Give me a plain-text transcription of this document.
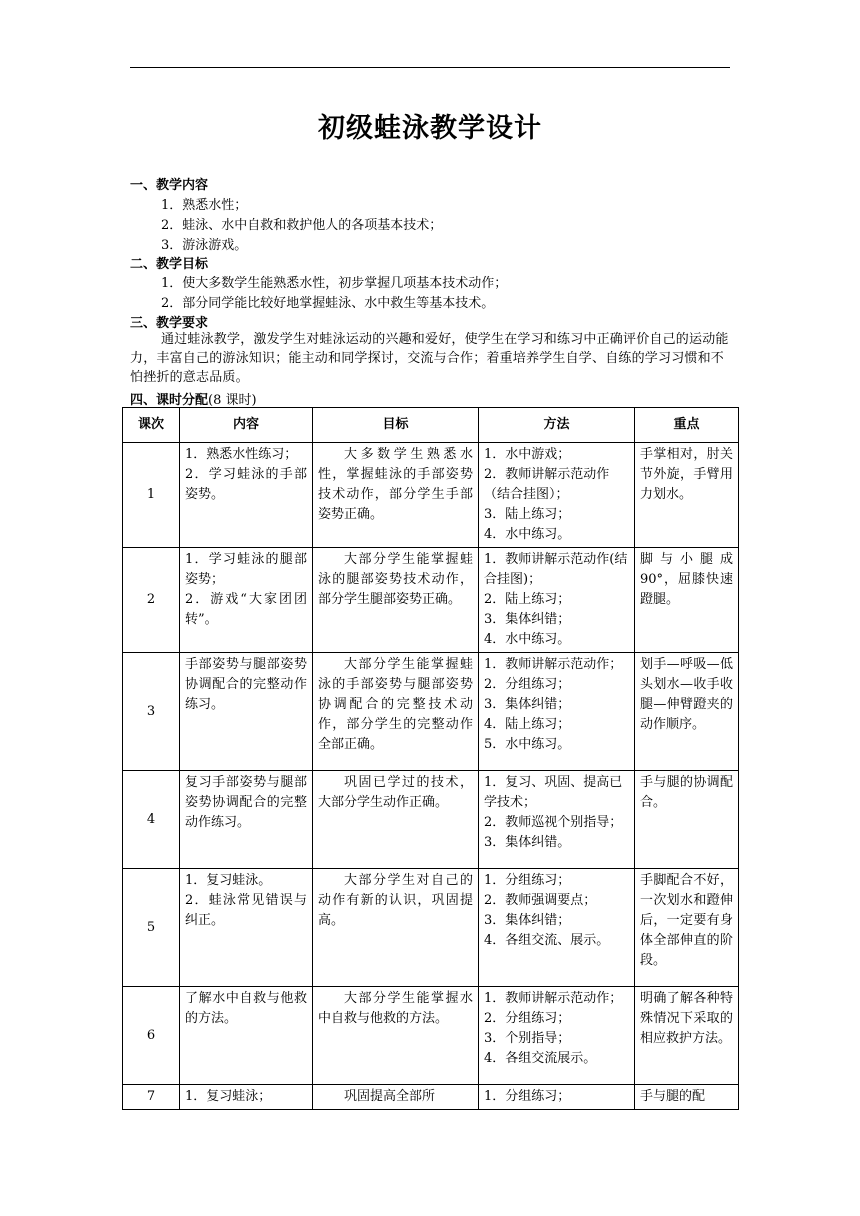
初级蛙泳教学设计
一、教学内容
1．熟悉水性；
2．蛙泳、水中自救和救护他人的各项基本技术；
3．游泳游戏。
二、教学目标
1．使大多数学生能熟悉水性，初步掌握几项基本技术动作；
2．部分同学能比较好地掌握蛙泳、水中救生等基本技术。
三、教学要求
通过蛙泳教学，激发学生对蛙泳运动的兴趣和爱好，使学生在学习和练习中正确评价自己的运动能力，丰富自己的游泳知识；能主动和同学探讨，交流与合作；着重培养学生自学、自练的学习习惯和不怕挫折的意志品质。
四、课时分配(8 课时)
课次	内容	目标	方法	重点
1	1．熟悉水性练习；
2．学习蛙泳的手部姿势。	大多数学生熟悉水性，掌握蛙泳的手部姿势技术动作，部分学生手部姿势正确。	1．水中游戏；
2．教师讲解示范动作（结合挂图）；
3．陆上练习；
4．水中练习。	手掌相对，肘关节外旋，手臂用力划水。
2	1．学习蛙泳的腿部姿势；
2．游戏“大家团团转”。	大部分学生能掌握蛙泳的腿部姿势技术动作，部分学生腿部姿势正确。	1．教师讲解示范动作(结合挂图)；
2．陆上练习；
3．集体纠错；
4．水中练习。	脚与小腿成 90°，屈膝快速蹬腿。
3	手部姿势与腿部姿势协调配合的完整动作练习。	大部分学生能掌握蛙泳的手部姿势与腿部姿势协调配合的完整技术动作，部分学生的完整动作全部正确。	1．教师讲解示范动作；
2．分组练习；
3．集体纠错；
4．陆上练习；
5．水中练习。	划手—呼吸—低头划水—收手收腿—伸臂蹬夹的动作顺序。
4	复习手部姿势与腿部姿势协调配合的完整动作练习。	巩固已学过的技术，大部分学生动作正确。	1．复习、巩固、提高已学技术；
2．教师巡视个别指导；
3．集体纠错。	手与腿的协调配合。
5	1．复习蛙泳。
2．蛙泳常见错误与纠正。	大部分学生对自己的动作有新的认识，巩固提高。	1．分组练习；
2．教师强调要点；
3．集体纠错；
4．各组交流、展示。	手脚配合不好，一次划水和蹬伸后，一定要有身体全部伸直的阶段。
6	了解水中自救与他救的方法。	大部分学生能掌握水中自救与他救的方法。	1．教师讲解示范动作；
2．分组练习；
3．个别指导；
4．各组交流展示。	明确了解各种特殊情况下采取的相应救护方法。
7	1．复习蛙泳；	巩固提高全部所	1．分组练习；	手与腿的配
